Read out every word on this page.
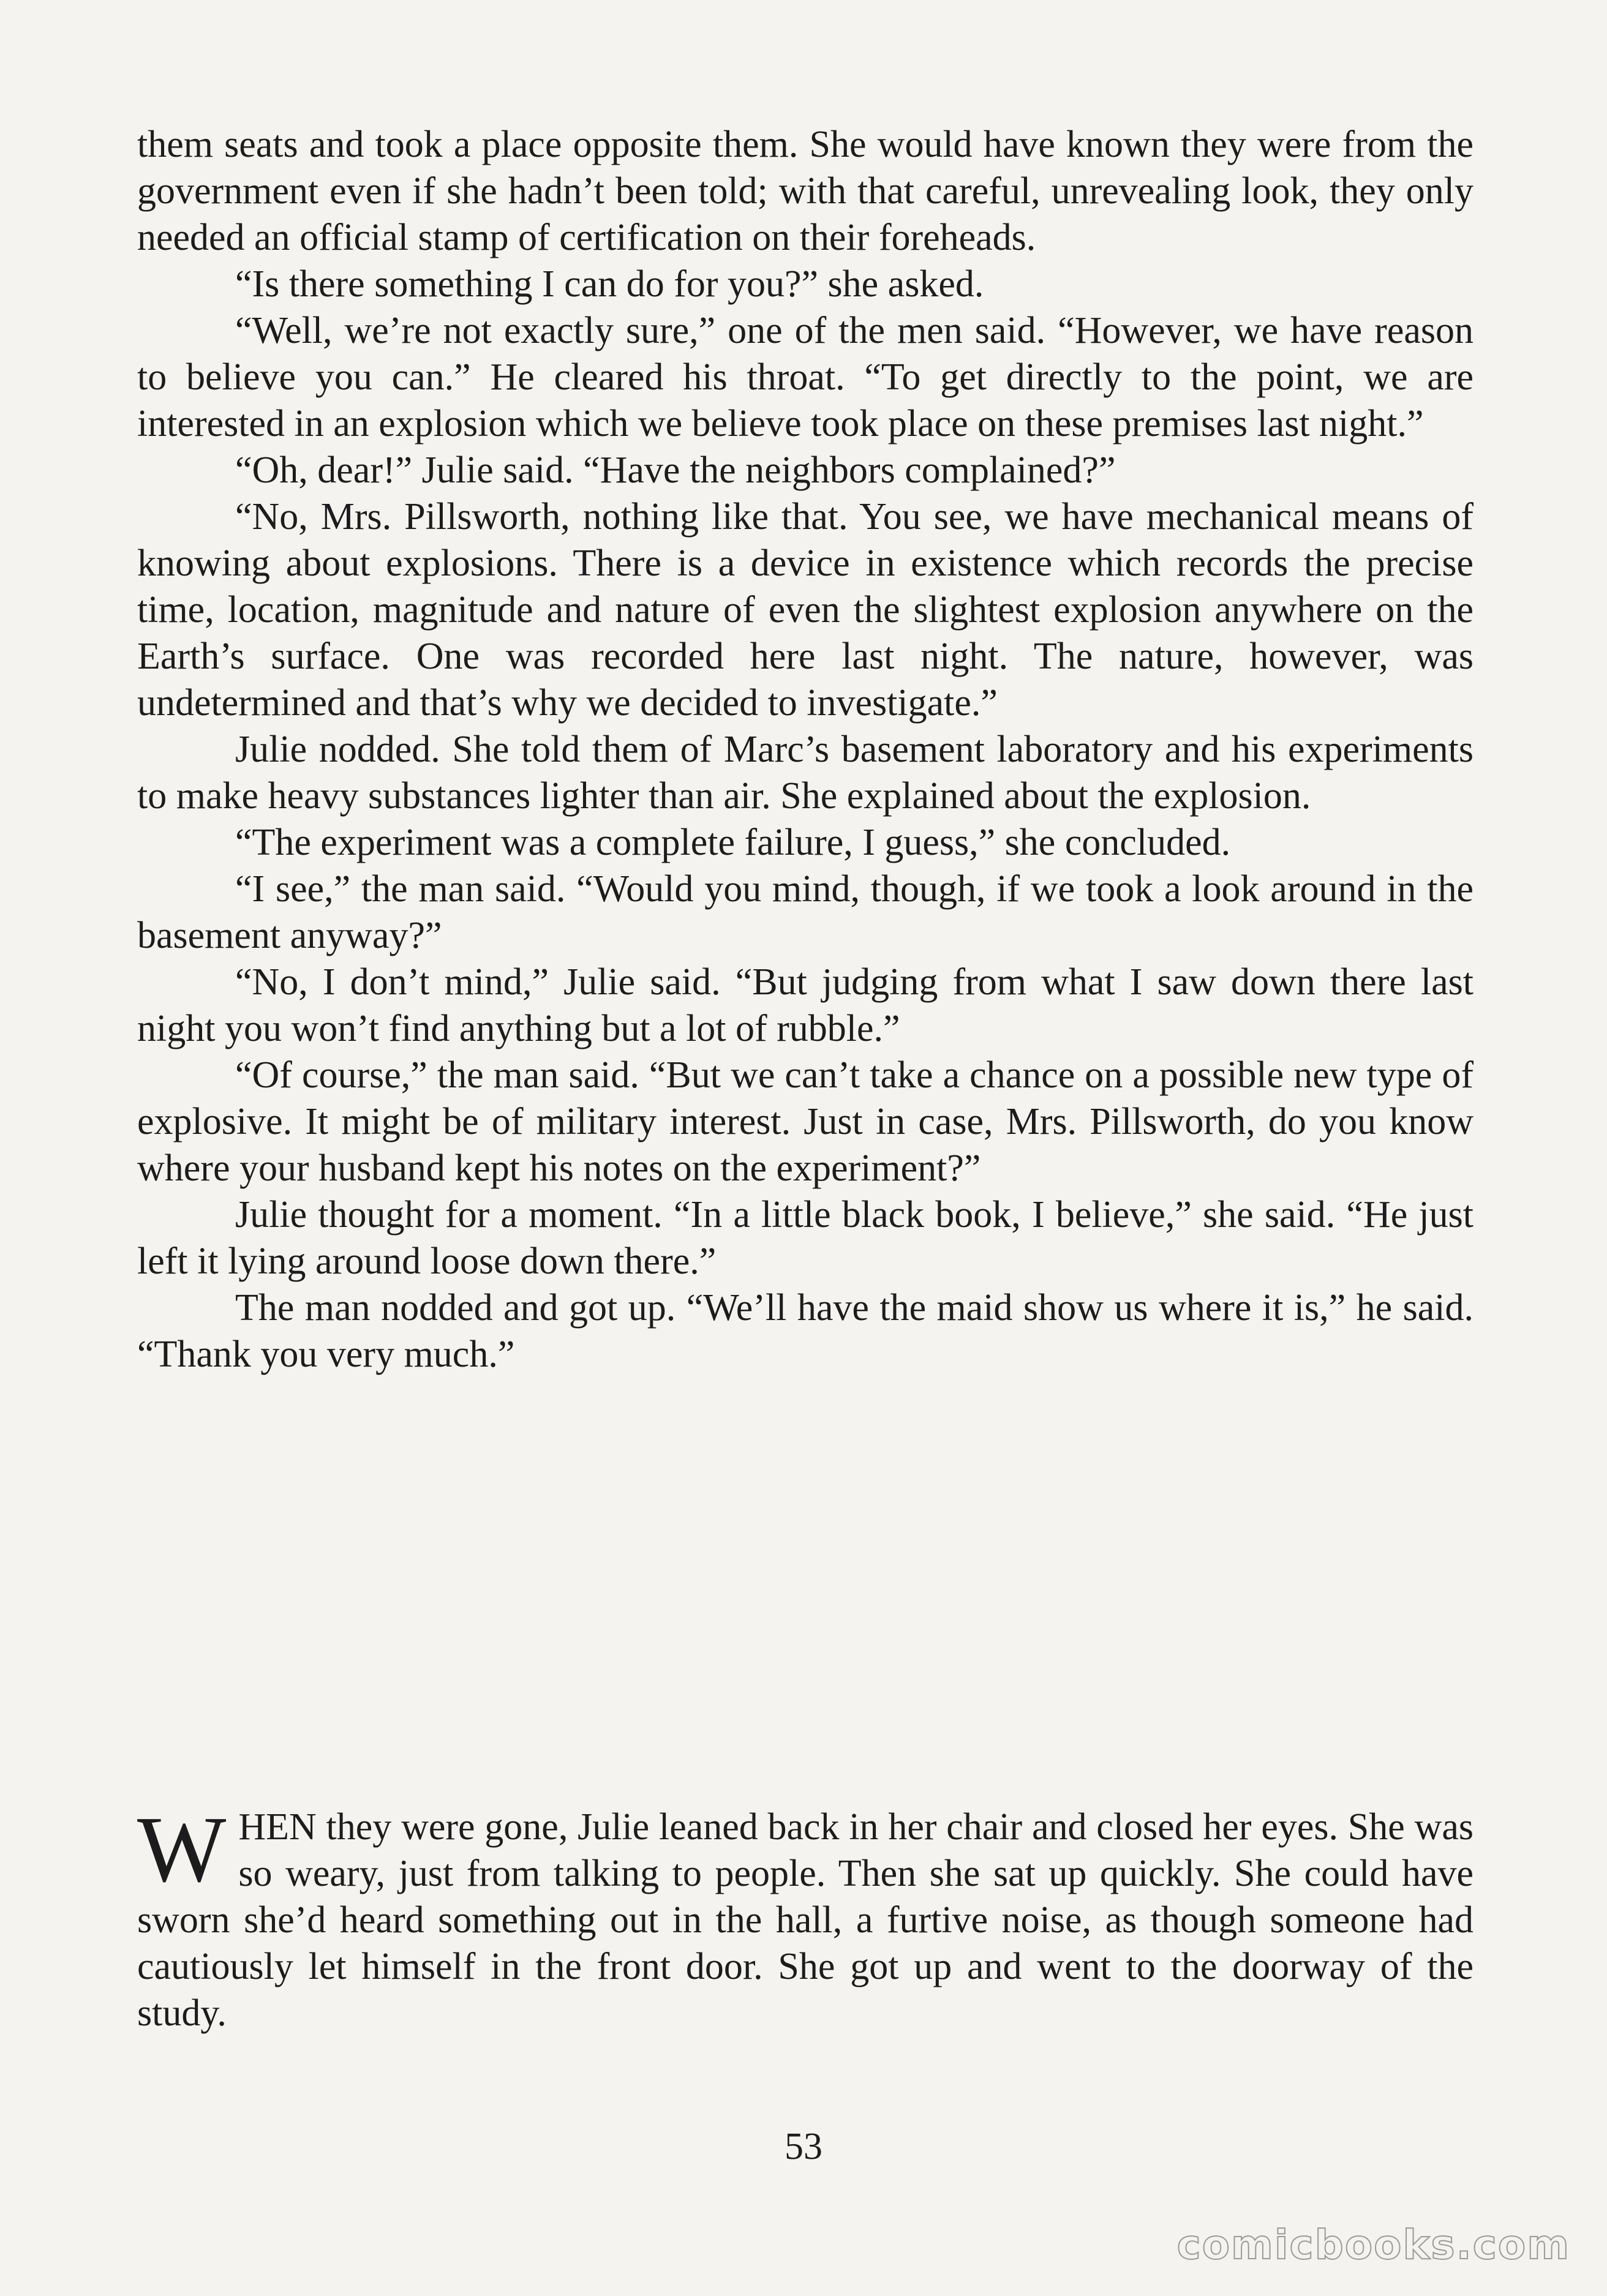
them seats and took a place opposite them. She would have known they were from the government even if she hadn’t been told; with that careful, unrevealing look, they only needed an official stamp of certification on their foreheads.

“Is there something I can do for you?” she asked.

“Well, we’re not exactly sure,” one of the men said. “However, we have reason to believe you can.” He cleared his throat. “To get directly to the point, we are interested in an explosion which we believe took place on these premises last night.”

“Oh, dear!” Julie said. “Have the neighbors complained?”

“No, Mrs. Pillsworth, nothing like that. You see, we have mechanical means of knowing about explosions. There is a device in existence which records the precise time, location, magnitude and nature of even the slightest explosion anywhere on the Earth’s surface. One was recorded here last night. The nature, however, was undetermined and that’s why we decided to investigate.”

Julie nodded. She told them of Marc’s basement laboratory and his experiments to make heavy substances lighter than air. She explained about the explosion.

“The experiment was a complete failure, I guess,” she concluded.

“I see,” the man said. “Would you mind, though, if we took a look around in the basement anyway?”

“No, I don’t mind,” Julie said. “But judging from what I saw down there last night you won’t find anything but a lot of rubble.”

“Of course,” the man said. “But we can’t take a chance on a possible new type of explosive. It might be of military interest. Just in case, Mrs. Pillsworth, do you know where your husband kept his notes on the experiment?”

Julie thought for a moment. “In a little black book, I believe,” she said. “He just left it lying around loose down there.”

The man nodded and got up. “We’ll have the maid show us where it is,” he said. “Thank you very much.”

WHEN they were gone, Julie leaned back in her chair and closed her eyes. She was so weary, just from talking to people. Then she sat up quickly. She could have sworn she’d heard something out in the hall, a furtive noise, as though someone had cautiously let himself in the front door. She got up and went to the doorway of the study.

53
comicbooks.com
